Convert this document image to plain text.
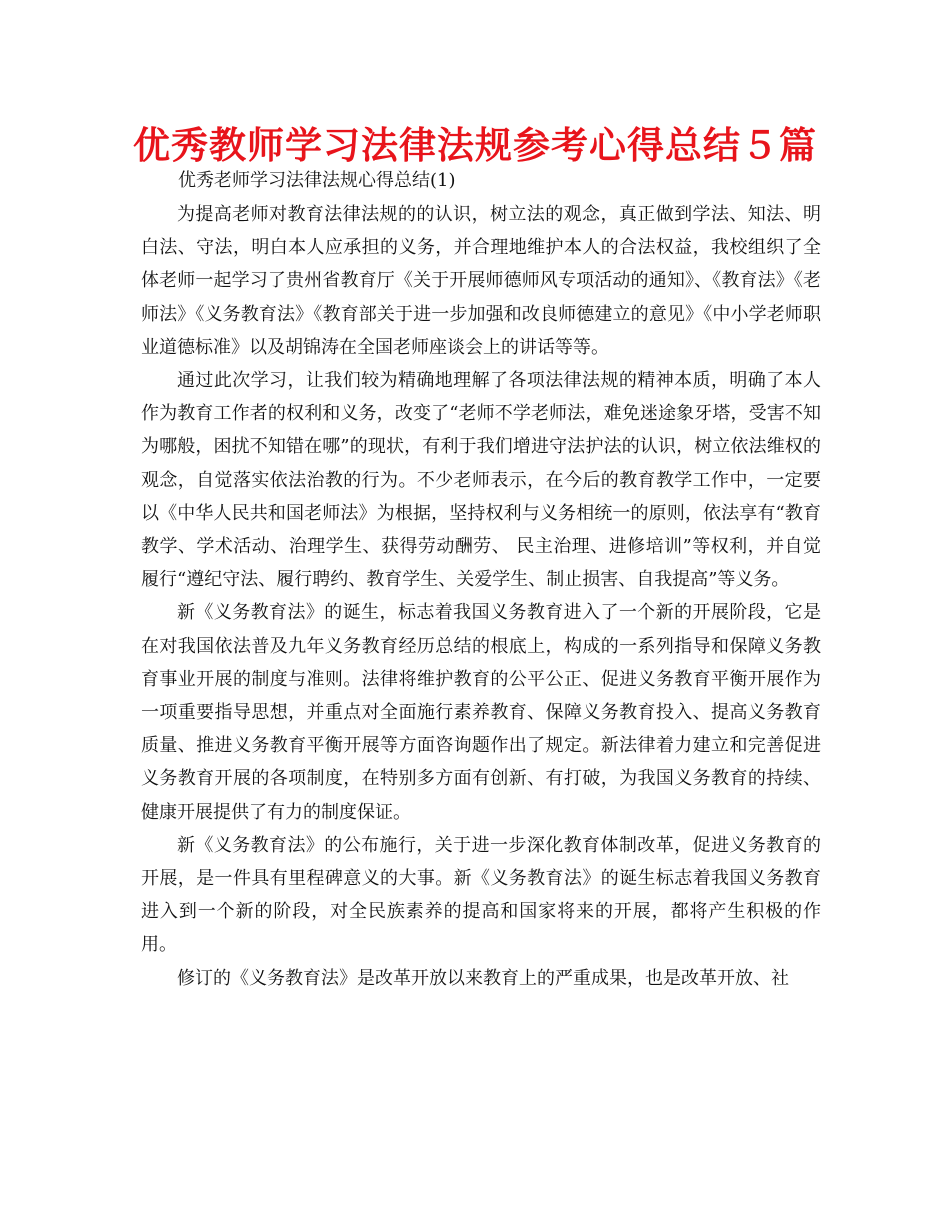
优秀教师学习法律法规参考心得总结５篇
优秀老师学习法律法规心得总结(1)

为提高老师对教育法律法规的的认识，树立法的观念，真正做到学法、知法、明白法、守法，明白本人应承担的义务，并合理地维护本人的合法权益，我校组织了全体老师一起学习了贵州省教育厅《关于开展师德师风专项活动的通知》、《教育法》《老师法》《义务教育法》《教育部关于进一步加强和改良师德建立的意见》《中小学老师职业道德标准》以及胡锦涛在全国老师座谈会上的讲话等等。

通过此次学习，让我们较为精确地理解了各项法律法规的精神本质，明确了本人作为教育工作者的权利和义务，改变了“老师不学老师法，难免迷途象牙塔，受害不知为哪般，困扰不知错在哪”的现状，有利于我们增进守法护法的认识，树立依法维权的观念，自觉落实依法治教的行为。不少老师表示，在今后的教育教学工作中，一定要以《中华人民共和国老师法》为根据，坚持权利与义务相统一的原则，依法享有“教育教学、学术活动、治理学生、获得劳动酬劳、 民主治理、进修培训”等权利，并自觉履行“遵纪守法、履行聘约、教育学生、关爱学生、制止损害、自我提高”等义务。

新《义务教育法》的诞生，标志着我国义务教育进入了一个新的开展阶段，它是在对我国依法普及九年义务教育经历总结的根底上，构成的一系列指导和保障义务教育事业开展的制度与准则。法律将维护教育的公平公正、促进义务教育平衡开展作为一项重要指导思想，并重点对全面施行素养教育、保障义务教育投入、提高义务教育质量、推进义务教育平衡开展等方面咨询题作出了规定。新法律着力建立和完善促进义务教育开展的各项制度，在特别多方面有创新、有打破，为我国义务教育的持续、健康开展提供了有力的制度保证。

新《义务教育法》的公布施行，关于进一步深化教育体制改革，促进义务教育的开展，是一件具有里程碑意义的大事。新《义务教育法》的诞生标志着我国义务教育进入到一个新的阶段，对全民族素养的提高和国家将来的开展，都将产生积极的作用。

修订的《义务教育法》是改革开放以来教育上的严重成果，也是改革开放、社
